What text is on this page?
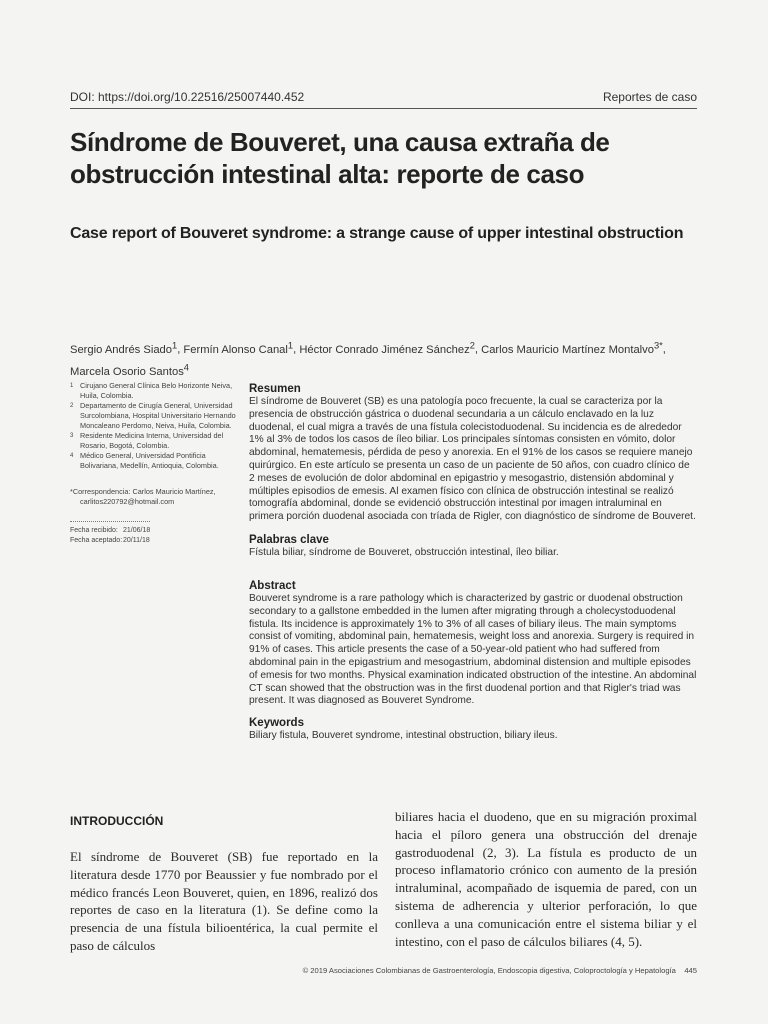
DOI: https://doi.org/10.22516/25007440.452	Reportes de caso
Síndrome de Bouveret, una causa extraña de obstrucción intestinal alta: reporte de caso
Case report of Bouveret syndrome: a strange cause of upper intestinal obstruction
Sergio Andrés Siado$^1$, Fermín Alonso Canal$^1$, Héctor Conrado Jiménez Sánchez$^2$, Carlos Mauricio Martínez Montalvo$^{3*}$,
Marcela Osorio Santos$^4$
1 Cirujano General Clínica Belo Horizonte Neiva, Huila, Colombia.
2 Departamento de Cirugía General, Universidad Surcolombiana, Hospital Universitario Hernando Moncaleano Perdomo, Neiva, Huila, Colombia.
3 Residente Medicina Interna, Universidad del Rosario, Bogotá, Colombia.
4 Médico General, Universidad Pontificia Bolivariana, Medellín, Antioquia, Colombia.
*Correspondencia: Carlos Mauricio Martínez,
carlitos220792@hotmail.com
Fecha recibido: 21/06/18
Fecha aceptado: 20/11/18
Resumen

El síndrome de Bouveret (SB) es una patología poco frecuente, la cual se caracteriza por la presencia de obstrucción gástrica o duodenal secundaria a un cálculo enclavado en la luz duodenal, el cual migra a través de una fístula colecistoduodenal. Su incidencia es de alrededor 1% al 3% de todos los casos de íleo biliar. Los principales síntomas consisten en vómito, dolor abdominal, hematemesis, pérdida de peso y anorexia. En el 91% de los casos se requiere manejo quirúrgico. En este artículo se presenta un caso de un paciente de 50 años, con cuadro clínico de 2 meses de evolución de dolor abdominal en epigastrio y mesogastrio, distensión abdominal y múltiples episodios de emesis. Al examen físico con clínica de obstrucción intestinal se realizó tomografía abdominal, donde se evidenció obstrucción intestinal por imagen intraluminal en primera porción duodenal asociada con tríada de Rigler, con diagnóstico de síndrome de Bouveret.

Palabras clave

Fístula biliar, síndrome de Bouveret, obstrucción intestinal, íleo biliar.

Abstract

Bouveret syndrome is a rare pathology which is characterized by gastric or duodenal obstruction secondary to a gallstone embedded in the lumen after migrating through a cholecystoduodenal fistula. Its incidence is approximately 1% to 3% of all cases of biliary ileus. The main symptoms consist of vomiting, abdominal pain, hematemesis, weight loss and anorexia. Surgery is required in 91% of cases. This article presents the case of a 50-year-old patient who had suffered from abdominal pain in the epigastrium and mesogastrium, abdominal distension and multiple episodes of emesis for two months. Physical examination indicated obstruction of the intestine. An abdominal CT scan showed that the obstruction was in the first duodenal portion and that Rigler's triad was present. It was diagnosed as Bouveret Syndrome.

Keywords

Biliary fistula, Bouveret syndrome, intestinal obstruction, biliary ileus.

INTRODUCCIÓN

El síndrome de Bouveret (SB) fue reportado en la literatura desde 1770 por Beaussier y fue nombrado por el médico francés Leon Bouveret, quien, en 1896, realizó dos reportes de caso en la literatura (1). Se define como la presencia de una fístula bilioentérica, la cual permite el paso de cálculos

biliares hacia el duodeno, que en su migración proximal hacia el píloro genera una obstrucción del drenaje gastroduodenal (2, 3). La fístula es producto de un proceso inflamatorio crónico con aumento de la presión intraluminal, acompañado de isquemia de pared, con un sistema de adherencia y ulterior perforación, lo que conlleva a una comunicación entre el sistema biliar y el intestino, con el paso de cálculos biliares (4, 5).

© 2019 Asociaciones Colombianas de Gastroenterología, Endoscopia digestiva, Coloproctología y Hepatología 445
